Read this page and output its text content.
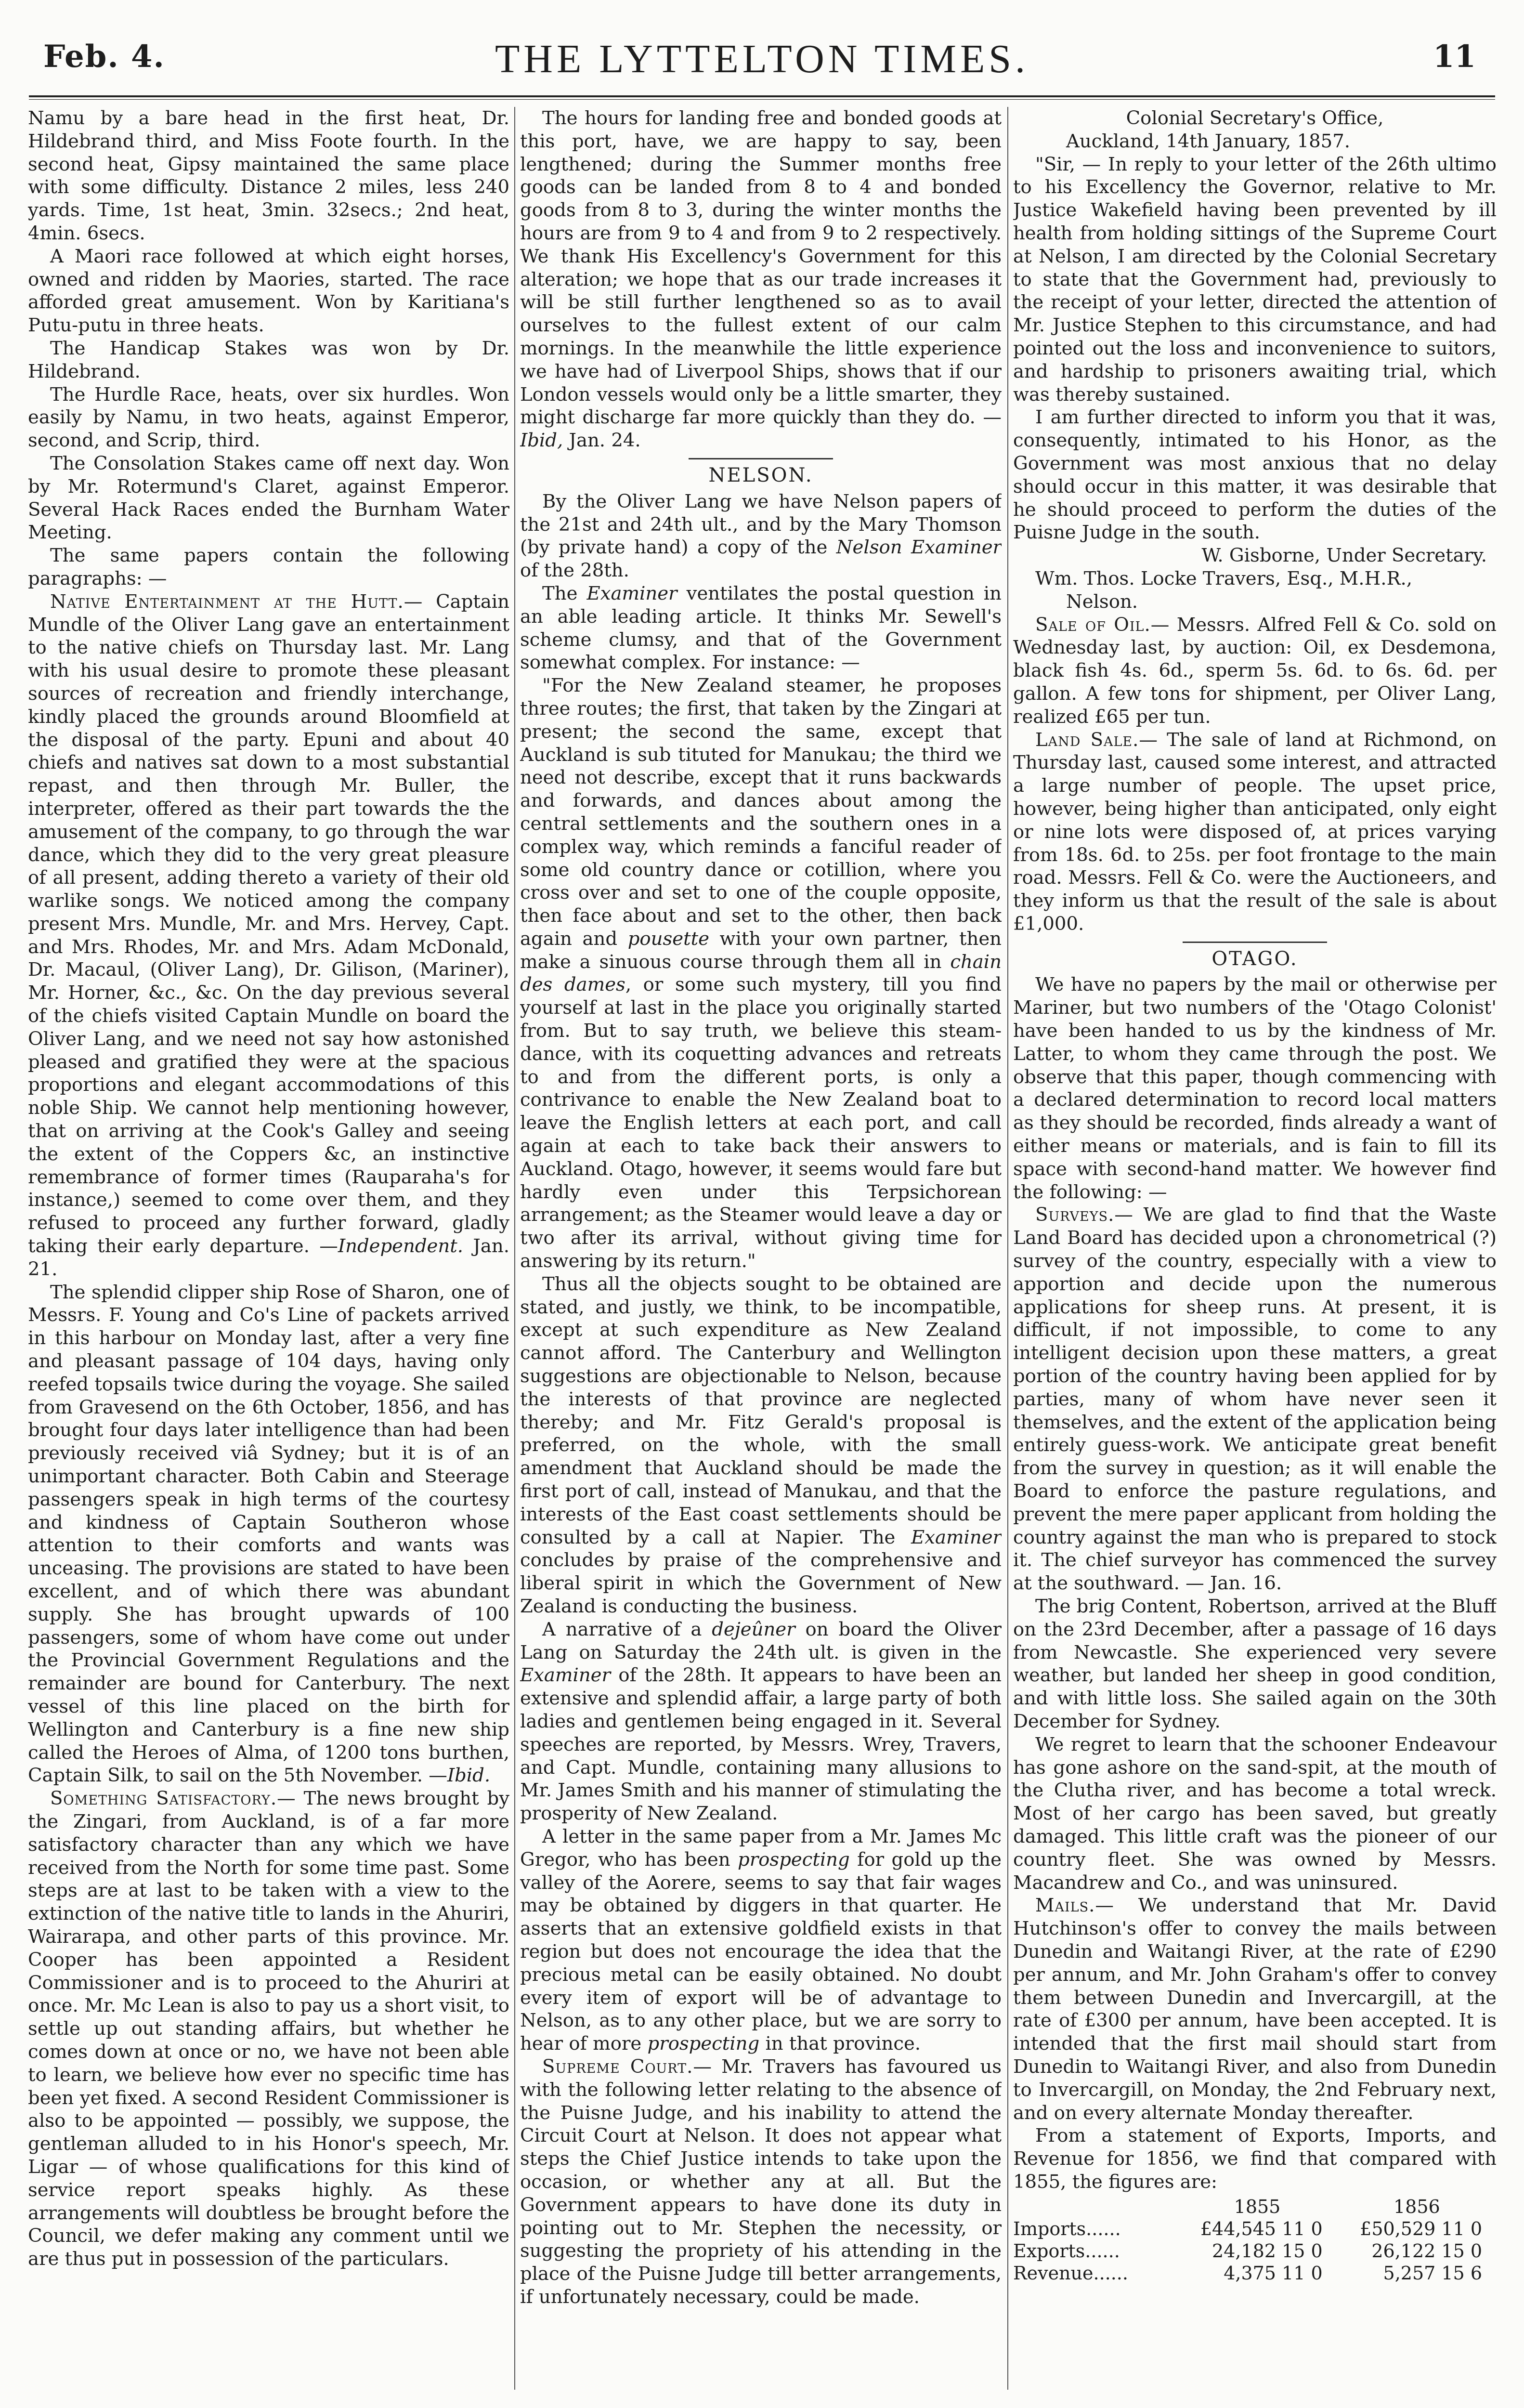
Feb. 4.	THE LYTTELTON TIMES.	11

Namu by a bare head in the first heat, Dr. Hildebrand third, and Miss Foote fourth. In the second heat, Gipsy maintained the same place with some difficulty. Distance 2 miles, less 240 yards. Time, 1st heat, 3min. 32secs.; 2nd heat, 4min. 6secs.

A Maori race followed at which eight horses, owned and ridden by Maories, started. The race afforded great amusement. Won by Karitiana's Putu-putu in three heats.

The Handicap Stakes was won by Dr. Hildebrand.

The Hurdle Race, heats, over six hurdles. Won easily by Namu, in two heats, against Emperor, second, and Scrip, third.

The Consolation Stakes came off next day. Won by Mr. Rotermund's Claret, against Emperor. Several Hack Races ended the Burnham Water Meeting.

The same papers contain the following paragraphs: —

Native Entertainment at the Hutt.— Captain Mundle of the Oliver Lang gave an entertainment to the native chiefs on Thursday last. Mr. Lang with his usual desire to promote these pleasant sources of recreation and friendly interchange, kindly placed the grounds around Bloomfield at the disposal of the party. Epuni and about 40 chiefs and natives sat down to a most substantial repast, and then through Mr. Buller, the interpreter, offered as their part towards the the amusement of the company, to go through the war dance, which they did to the very great pleasure of all present, adding thereto a variety of their old warlike songs. We noticed among the company present Mrs. Mundle, Mr. and Mrs. Hervey, Capt. and Mrs. Rhodes, Mr. and Mrs. Adam McDonald, Dr. Macaul, (Oliver Lang), Dr. Gilison, (Mariner), Mr. Horner, &c., &c. On the day previous several of the chiefs visited Captain Mundle on board the Oliver Lang, and we need not say how astonished pleased and gratified they were at the spacious proportions and elegant accommodations of this noble Ship. We cannot help mentioning however, that on arriving at the Cook's Galley and seeing the extent of the Coppers &c, an instinctive remembrance of former times (Rauparaha's for instance,) seemed to come over them, and they refused to proceed any further forward, gladly taking their early departure. —Independent. Jan. 21.

The splendid clipper ship Rose of Sharon, one of Messrs. F. Young and Co's Line of packets arrived in this harbour on Monday last, after a very fine and pleasant passage of 104 days, having only reefed topsails twice during the voyage. She sailed from Gravesend on the 6th October, 1856, and has brought four days later intelligence than had been previously received viâ Sydney; but it is of an unimportant character. Both Cabin and Steerage passengers speak in high terms of the courtesy and kindness of Captain Southeron whose attention to their comforts and wants was unceasing. The provisions are stated to have been excellent, and of which there was abundant supply. She has brought upwards of 100 passengers, some of whom have come out under the Provincial Government Regulations and the remainder are bound for Canterbury. The next vessel of this line placed on the birth for Wellington and Canterbury is a fine new ship called the Heroes of Alma, of 1200 tons burthen, Captain Silk, to sail on the 5th November. —Ibid.

Something Satisfactory.— The news brought by the Zingari, from Auckland, is of a far more satisfactory character than any which we have received from the North for some time past. Some steps are at last to be taken with a view to the extinction of the native title to lands in the Ahuriri, Wairarapa, and other parts of this province. Mr. Cooper has been appointed a Resident Commissioner and is to proceed to the Ahuriri at once. Mr. Mc Lean is also to pay us a short visit, to settle up out standing affairs, but whether he comes down at once or no, we have not been able to learn, we believe how ever no specific time has been yet fixed. A second Resident Commissioner is also to be appointed — possibly, we suppose, the gentleman alluded to in his Honor's speech, Mr. Ligar — of whose qualifications for this kind of service report speaks highly. As these arrangements will doubtless be brought before the Council, we defer making any comment until we are thus put in possession of the particulars.

The hours for landing free and bonded goods at this port, have, we are happy to say, been lengthened; during the Summer months free goods can be landed from 8 to 4 and bonded goods from 8 to 3, during the winter months the hours are from 9 to 4 and from 9 to 2 respectively. We thank His Excellency's Government for this alteration; we hope that as our trade increases it will be still further lengthened so as to avail ourselves to the fullest extent of our calm mornings. In the meanwhile the little experience we have had of Liverpool Ships, shows that if our London vessels would only be a little smarter, they might discharge far more quickly than they do. —Ibid, Jan. 24.

NELSON.

By the Oliver Lang we have Nelson papers of the 21st and 24th ult., and by the Mary Thomson (by private hand) a copy of the Nelson Examiner of the 28th.

The Examiner ventilates the postal question in an able leading article. It thinks Mr. Sewell's scheme clumsy, and that of the Government somewhat complex. For instance: —

"For the New Zealand steamer, he proposes three routes; the first, that taken by the Zingari at present; the second the same, except that Auckland is sub tituted for Manukau; the third we need not describe, except that it runs backwards and forwards, and dances about among the central settlements and the southern ones in a complex way, which reminds a fanciful reader of some old country dance or cotillion, where you cross over and set to one of the couple opposite, then face about and set to the other, then back again and pousette with your own partner, then make a sinuous course through them all in chain des dames, or some such mystery, till you find yourself at last in the place you originally started from. But to say truth, we believe this steam-dance, with its coquetting advances and retreats to and from the different ports, is only a contrivance to enable the New Zealand boat to leave the English letters at each port, and call again at each to take back their answers to Auckland. Otago, however, it seems would fare but hardly even under this Terpsichorean arrangement; as the Steamer would leave a day or two after its arrival, without giving time for answering by its return."

Thus all the objects sought to be obtained are stated, and justly, we think, to be incompatible, except at such expenditure as New Zealand cannot afford. The Canterbury and Wellington suggestions are objectionable to Nelson, because the interests of that province are neglected thereby; and Mr. Fitz Gerald's proposal is preferred, on the whole, with the small amendment that Auckland should be made the first port of call, instead of Manukau, and that the interests of the East coast settlements should be consulted by a call at Napier. The Examiner concludes by praise of the comprehensive and liberal spirit in which the Government of New Zealand is conducting the business.

A narrative of a dejeûner on board the Oliver Lang on Saturday the 24th ult. is given in the Examiner of the 28th. It appears to have been an extensive and splendid affair, a large party of both ladies and gentlemen being engaged in it. Several speeches are reported, by Messrs. Wrey, Travers, and Capt. Mundle, containing many allusions to Mr. James Smith and his manner of stimulating the prosperity of New Zealand.

A letter in the same paper from a Mr. James Mc Gregor, who has been prospecting for gold up the valley of the Aorere, seems to say that fair wages may be obtained by diggers in that quarter. He asserts that an extensive goldfield exists in that region but does not encourage the idea that the precious metal can be easily obtained. No doubt every item of export will be of advantage to Nelson, as to any other place, but we are sorry to hear of more prospecting in that province.

Supreme Court.— Mr. Travers has favoured us with the following letter relating to the absence of the Puisne Judge, and his inability to attend the Circuit Court at Nelson. It does not appear what steps the Chief Justice intends to take upon the occasion, or whether any at all. But the Government appears to have done its duty in pointing out to Mr. Stephen the necessity, or suggesting the propriety of his attending in the place of the Puisne Judge till better arrangements, if unfortunately necessary, could be made.

Colonial Secretary's Office,

Auckland, 14th January, 1857.

"Sir, — In reply to your letter of the 26th ultimo to his Excellency the Governor, relative to Mr. Justice Wakefield having been prevented by ill health from holding sittings of the Supreme Court at Nelson, I am directed by the Colonial Secretary to state that the Government had, previously to the receipt of your letter, directed the attention of Mr. Justice Stephen to this circumstance, and had pointed out the loss and inconvenience to suitors, and hardship to prisoners awaiting trial, which was thereby sustained.

I am further directed to inform you that it was, consequently, intimated to his Honor, as the Government was most anxious that no delay should occur in this matter, it was desirable that he should proceed to perform the duties of the Puisne Judge in the south.

W. Gisborne, Under Secretary.

Wm. Thos. Locke Travers, Esq., M.H.R.,

Nelson.

Sale of Oil.— Messrs. Alfred Fell & Co. sold on Wednesday last, by auction: Oil, ex Desdemona, black fish 4s. 6d., sperm 5s. 6d. to 6s. 6d. per gallon. A few tons for shipment, per Oliver Lang, realized £65 per tun.

Land Sale.— The sale of land at Richmond, on Thursday last, caused some interest, and attracted a large number of people. The upset price, however, being higher than anticipated, only eight or nine lots were disposed of, at prices varying from 18s. 6d. to 25s. per foot frontage to the main road. Messrs. Fell & Co. were the Auctioneers, and they inform us that the result of the sale is about £1,000.

OTAGO.

We have no papers by the mail or otherwise per Mariner, but two numbers of the 'Otago Colonist' have been handed to us by the kindness of Mr. Latter, to whom they came through the post. We observe that this paper, though commencing with a declared determination to record local matters as they should be recorded, finds already a want of either means or materials, and is fain to fill its space with second-hand matter. We however find the following: —

Surveys.— We are glad to find that the Waste Land Board has decided upon a chronometrical (?) survey of the country, especially with a view to apportion and decide upon the numerous applications for sheep runs. At present, it is difficult, if not impossible, to come to any intelligent decision upon these matters, a great portion of the country having been applied for by parties, many of whom have never seen it themselves, and the extent of the application being entirely guess-work. We anticipate great benefit from the survey in question; as it will enable the Board to enforce the pasture regulations, and prevent the mere paper applicant from holding the country against the man who is prepared to stock it. The chief surveyor has commenced the survey at the southward. — Jan. 16.

The brig Content, Robertson, arrived at the Bluff on the 23rd December, after a passage of 16 days from Newcastle. She experienced very severe weather, but landed her sheep in good condition, and with little loss. She sailed again on the 30th December for Sydney.

We regret to learn that the schooner Endeavour has gone ashore on the sand-spit, at the mouth of the Clutha river, and has become a total wreck. Most of her cargo has been saved, but greatly damaged. This little craft was the pioneer of our country fleet. She was owned by Messrs. Macandrew and Co., and was uninsured.

Mails.— We understand that Mr. David Hutchinson's offer to convey the mails between Dunedin and Waitangi River, at the rate of £290 per annum, and Mr. John Graham's offer to convey them between Dunedin and Invercargill, at the rate of £300 per annum, have been accepted. It is intended that the first mail should start from Dunedin to Waitangi River, and also from Dunedin to Invercargill, on Monday, the 2nd February next, and on every alternate Monday thereafter.

From a statement of Exports, Imports, and Revenue for 1856, we find that compared with 1855, the figures are:

	1855	1856
Imports......	£44,545 11 0	£50,529 11 0
Exports......	24,182 15 0	26,122 15 0
Revenue......	4,375 11 0	5,257 15 6
